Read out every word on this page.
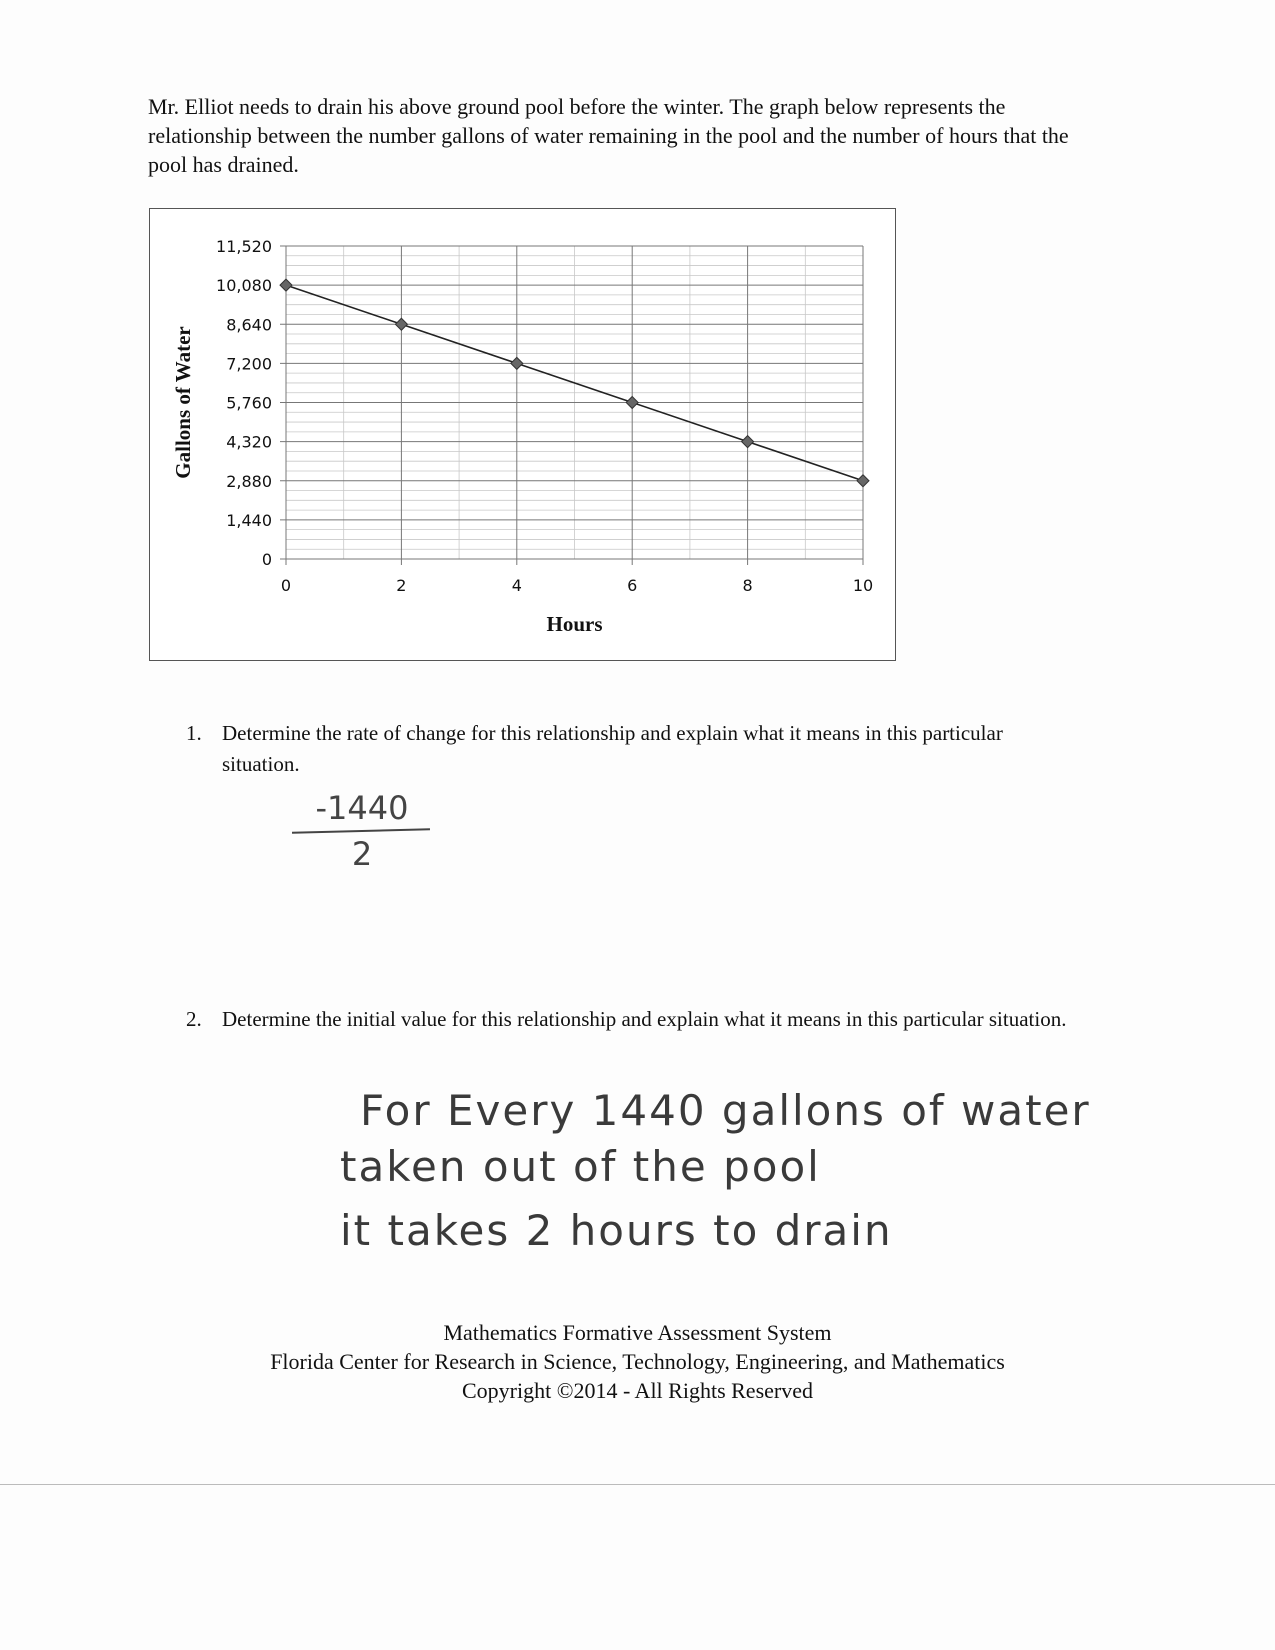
Mr. Elliot needs to drain his above ground pool before the winter. The graph below represents the relationship between the number gallons of water remaining in the pool and the number of hours that the pool has drained.

0
1,440
2,880
4,320
5,760
7,200
8,640
10,080
11,520
0	2	4	6	8	10
Hours
Gallons of Water
1. Determine the rate of change for this relationship and explain what it means in this particular situation.
-1440
2
2. Determine the initial value for this relationship and explain what it means in this particular situation.
For Every 1440 gallons of water
taken out of the pool
it takes 2 hours to drain
Mathematics Formative Assessment System
Florida Center for Research in Science, Technology, Engineering, and Mathematics
Copyright ©2014 - All Rights Reserved
